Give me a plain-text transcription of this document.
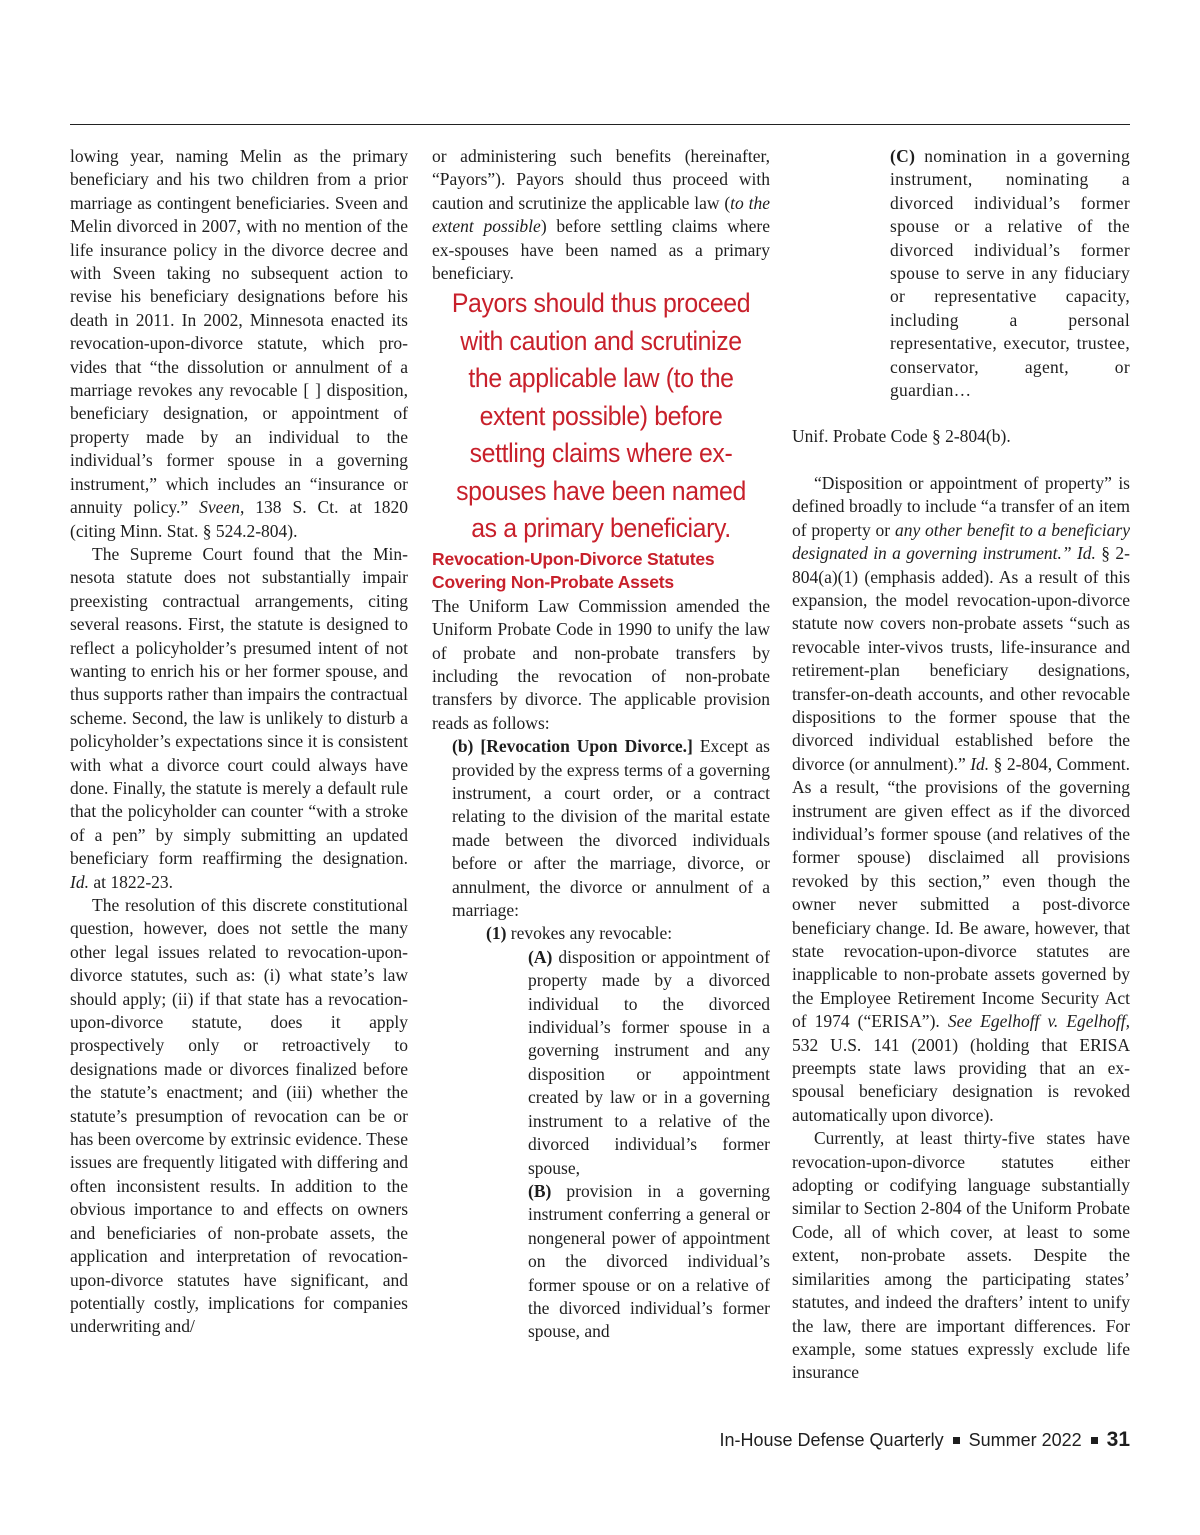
lowing year, naming Melin as the primary beneficiary and his two children from a prior marriage as contingent beneficiaries. Sveen and Melin divorced in 2007, with no mention of the life insurance policy in the divorce decree and with Sveen taking no subsequent action to revise his beneficiary designations before his death in 2011. In 2002, Minnesota enacted its revocation-upon-divorce statute, which provides that “the dissolution or annulment of a marriage revokes any revocable [ ] disposition, beneficiary designation, or appointment of property made by an individual to the individual’s former spouse in a governing instrument,” which includes an “insurance or annuity policy.” Sveen, 138 S. Ct. at 1820 (citing Minn. Stat. § 524.2-804).

The Supreme Court found that the Minnesota statute does not substantially impair preexisting contractual arrangements, citing several reasons. First, the statute is designed to reflect a policyholder’s presumed intent of not wanting to enrich his or her former spouse, and thus supports rather than impairs the contractual scheme. Second, the law is unlikely to disturb a policyholder’s expectations since it is consistent with what a divorce court could always have done. Finally, the statute is merely a default rule that the policyholder can counter “with a stroke of a pen” by simply submitting an updated beneficiary form reaffirming the designation. Id. at 1822-23.

The resolution of this discrete constitutional question, however, does not settle the many other legal issues related to revocation-upon-divorce statutes, such as: (i) what state’s law should apply; (ii) if that state has a revocation-upon-divorce statute, does it apply prospectively only or retroactively to designations made or divorces finalized before the statute’s enactment; and (iii) whether the statute’s presumption of revocation can be or has been overcome by extrinsic evidence. These issues are frequently litigated with differing and often inconsistent results. In addition to the obvious importance to and effects on owners and beneficiaries of non-probate assets, the application and interpretation of revocation-upon-divorce statutes have significant, and potentially costly, implications for companies underwriting and/

or administering such benefits (hereinafter, “Payors”). Payors should thus proceed with caution and scrutinize the applicable law (to the extent possible) before settling claims where ex-spouses have been named as a primary beneficiary.

Payors should thus proceed with caution and scrutinize the applicable law (to the extent possible) before settling claims where ex-spouses have been named as a primary beneficiary.

Revocation-Upon-Divorce Statutes Covering Non-Probate Assets

The Uniform Law Commission amended the Uniform Probate Code in 1990 to unify the law of probate and non-probate transfers by including the revocation of non-probate transfers by divorce. The applicable provision reads as follows:

(b) [Revocation Upon Divorce.] Except as provided by the express terms of a governing instrument, a court order, or a contract relating to the division of the marital estate made between the divorced individuals before or after the marriage, divorce, or annulment, the divorce or annulment of a marriage:

(1) revokes any revocable:

(A) disposition or appointment of property made by a divorced individual to the divorced individual’s former spouse in a governing instrument and any disposition or appointment created by law or in a governing instrument to a relative of the divorced individual’s former spouse,

(B) provision in a governing instrument conferring a general or nongeneral power of appointment on the divorced individual’s former spouse or on a relative of the divorced individual’s former spouse, and

(C) nomination in a governing instrument, nominating a divorced individual’s former spouse or a relative of the divorced individual’s former spouse to serve in any fiduciary or representative capacity, including a personal representative, executor, trustee, conservator, agent, or guardian…

Unif. Probate Code § 2-804(b).

“Disposition or appointment of property” is defined broadly to include “a transfer of an item of property or any other benefit to a beneficiary designated in a governing instrument.” Id. § 2-804(a)(1) (emphasis added). As a result of this expansion, the model revocation-upon-divorce statute now covers non-probate assets “such as revocable inter-vivos trusts, life-insurance and retirement-plan beneficiary designations, transfer-on-death accounts, and other revocable dispositions to the former spouse that the divorced individual established before the divorce (or annulment).” Id. § 2-804, Comment. As a result, “the provisions of the governing instrument are given effect as if the divorced individual’s former spouse (and relatives of the former spouse) disclaimed all provisions revoked by this section,” even though the owner never submitted a post-divorce beneficiary change. Id. Be aware, however, that state revocation-upon-divorce statutes are inapplicable to non-probate assets governed by the Employee Retirement Income Security Act of 1974 (“ERISA”). See Egelhoff v. Egelhoff, 532 U.S. 141 (2001) (holding that ERISA preempts state laws providing that an ex-spousal beneficiary designation is revoked automatically upon divorce).

Currently, at least thirty-five states have revocation-upon-divorce statutes either adopting or codifying language substantially similar to Section 2-804 of the Uniform Probate Code, all of which cover, at least to some extent, non-probate assets. Despite the similarities among the participating states’ statutes, and indeed the drafters’ intent to unify the law, there are important differences. For example, some statues expressly exclude life insurance

In-House Defense Quarterly Summer 2022 31
